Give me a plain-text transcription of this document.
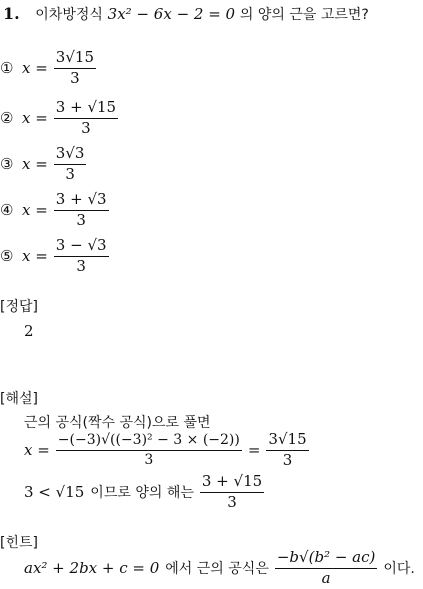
1. 이차방정식 3x² − 6x − 2 = 0 의 양의 근을 고르면?
① $x = \frac{3√15}{3}$
② $x = \frac{3 + √15}{3}$
③ $x = \frac{3√3}{3}$
④ $x = \frac{3 + √3}{3}$
⑤ $x = \frac{3 - √3}{3}$
[정답]
2
[해설]
근의 공식(짝수 공식)으로 풀면
$x = \frac{\text{−(−3)√((−3)² − 3 × (−2))}}{3} = \frac{3√15}{3}$
3 < √15 이므로 양의 해는 $\frac{3 + √15}{3}$
[힌트]
ax² + 2bx + c = 0 에서 근의 공식은 $\frac{\text{−b√(b² − ac)}}{a}$ 이다.
